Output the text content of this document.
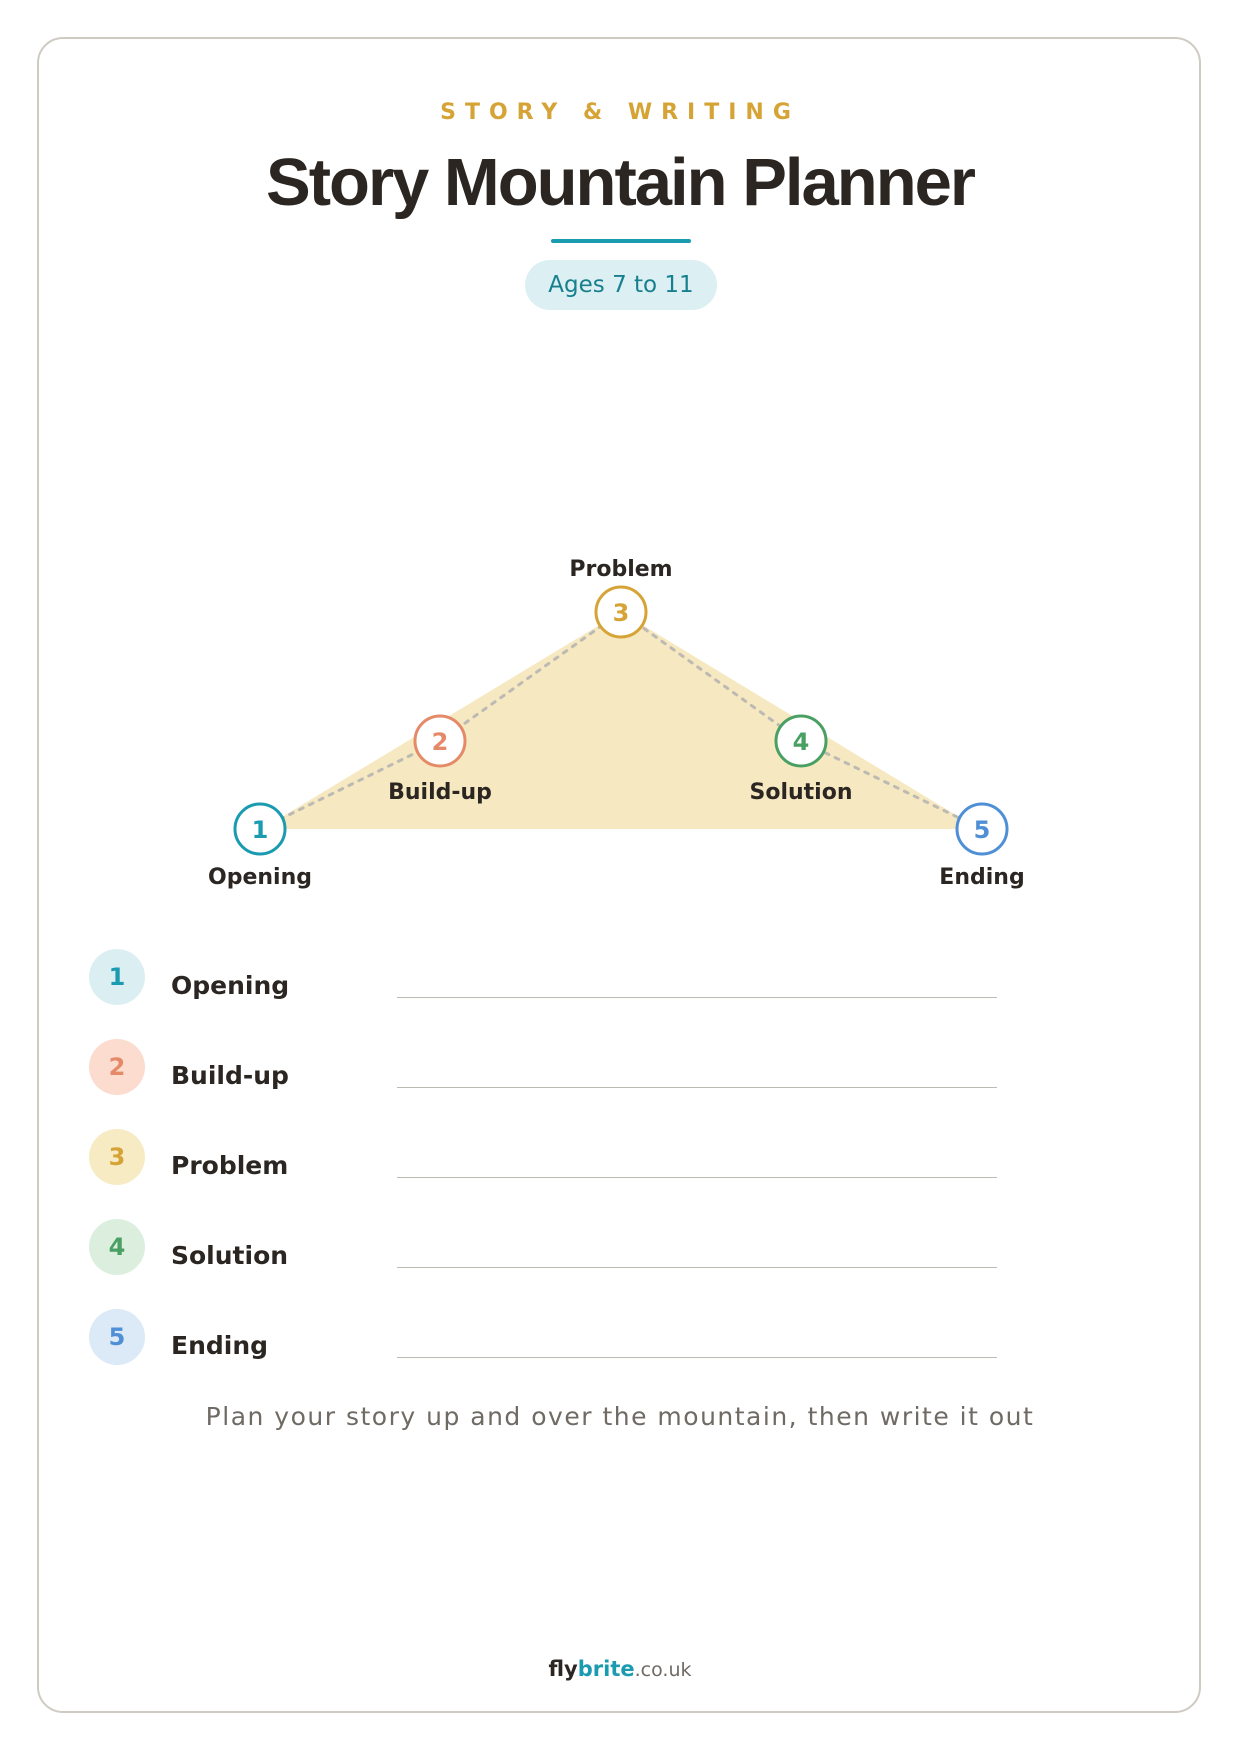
STORY & WRITING
Story Mountain Planner
Ages 7 to 11
1
Opening
2
Build-up
3
Problem
4
Solution
5
Ending
1	Opening
2	Build-up
3	Problem
4	Solution
5	Ending
Plan your story up and over the mountain, then write it out
flybrite.co.uk
